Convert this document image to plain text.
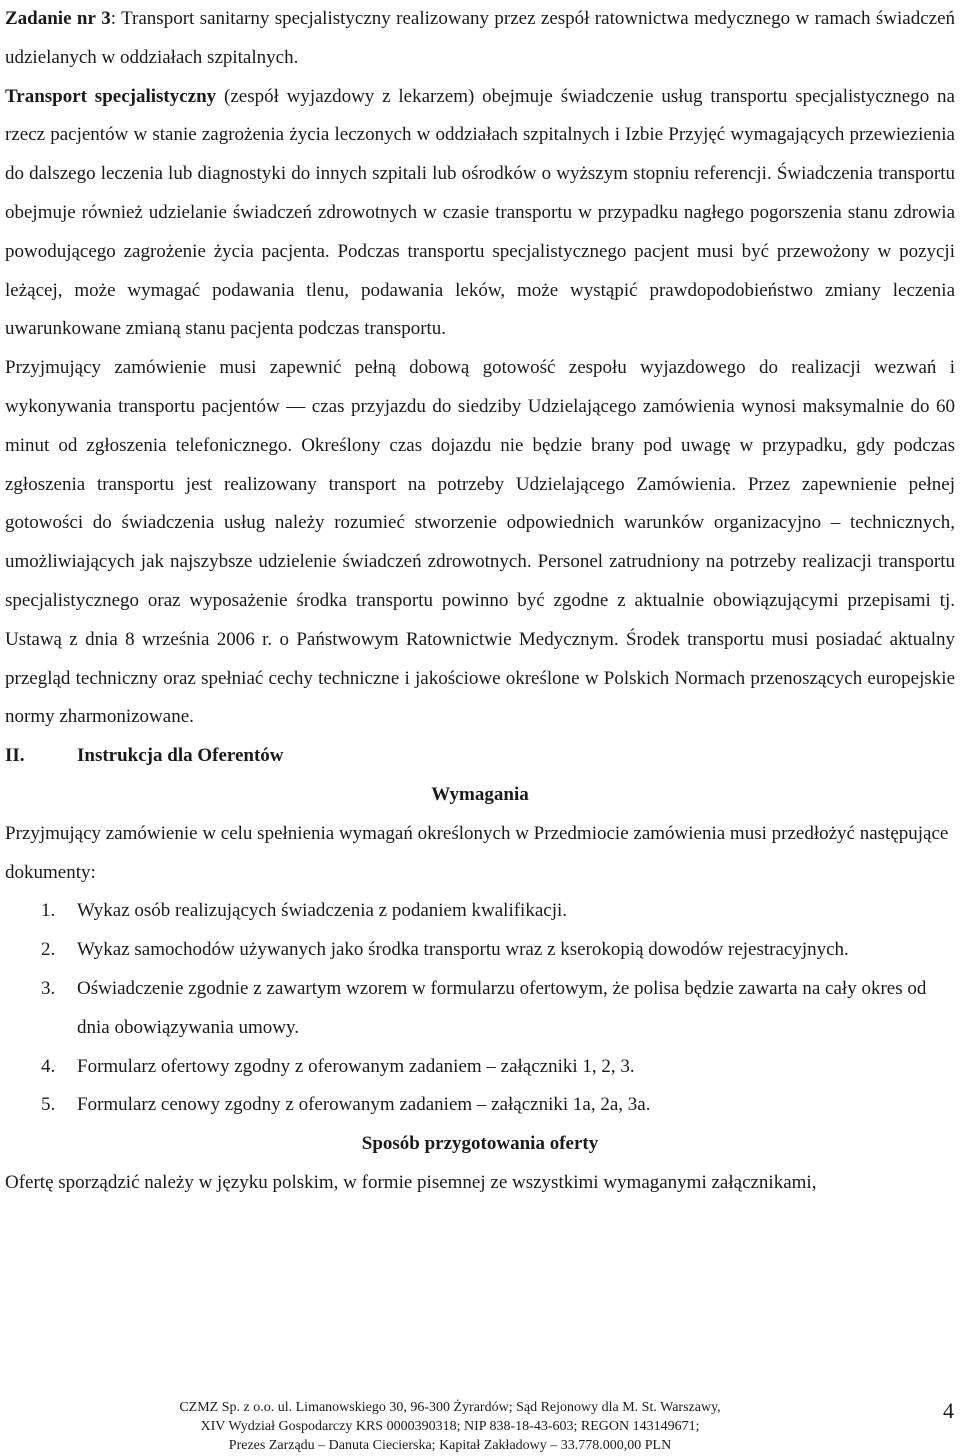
Zadanie nr 3: Transport sanitarny specjalistyczny realizowany przez zespół ratownictwa medycznego w ramach świadczeń udzielanych w oddziałach szpitalnych.

Transport specjalistyczny (zespół wyjazdowy z lekarzem) obejmuje świadczenie usług transportu specjalistycznego na rzecz pacjentów w stanie zagrożenia życia leczonych w oddziałach szpitalnych i Izbie Przyjęć wymagających przewiezienia do dalszego leczenia lub diagnostyki do innych szpitali lub ośrodków o wyższym stopniu referencji. Świadczenia transportu obejmuje również udzielanie świadczeń zdrowotnych w czasie transportu w przypadku nagłego pogorszenia stanu zdrowia powodującego zagrożenie życia pacjenta. Podczas transportu specjalistycznego pacjent musi być przewożony w pozycji leżącej, może wymagać podawania tlenu, podawania leków, może wystąpić prawdopodobieństwo zmiany leczenia uwarunkowane zmianą stanu pacjenta podczas transportu.

Przyjmujący zamówienie musi zapewnić pełną dobową gotowość zespołu wyjazdowego do realizacji wezwań i wykonywania transportu pacjentów — czas przyjazdu do siedziby Udzielającego zamówienia wynosi maksymalnie do 60 minut od zgłoszenia telefonicznego. Określony czas dojazdu nie będzie brany pod uwagę w przypadku, gdy podczas zgłoszenia transportu jest realizowany transport na potrzeby Udzielającego Zamówienia. Przez zapewnienie pełnej gotowości do świadczenia usług należy rozumieć stworzenie odpowiednich warunków organizacyjno – technicznych, umożliwiających jak najszybsze udzielenie świadczeń zdrowotnych. Personel zatrudniony na potrzeby realizacji transportu specjalistycznego oraz wyposażenie środka transportu powinno być zgodne z aktualnie obowiązującymi przepisami tj. Ustawą z dnia 8 września 2006 r. o Państwowym Ratownictwie Medycznym. Środek transportu musi posiadać aktualny przegląd techniczny oraz spełniać cechy techniczne i jakościowe określone w Polskich Normach przenoszących europejskie normy zharmonizowane.

II.	Instrukcja dla Oferentów
Wymagania

Przyjmujący zamówienie w celu spełnienia wymagań określonych w Przedmiocie zamówienia musi przedłożyć następujące dokumenty:

1.	Wykaz osób realizujących świadczenia z podaniem kwalifikacji.
2.	Wykaz samochodów używanych jako środka transportu wraz z kserokopią dowodów rejestracyjnych.
3.	Oświadczenie zgodnie z zawartym wzorem w formularzu ofertowym, że polisa będzie zawarta na cały okres od dnia obowiązywania umowy.
4.	Formularz ofertowy zgodny z oferowanym zadaniem – załączniki 1, 2, 3.
5.	Formularz cenowy zgodny z oferowanym zadaniem – załączniki 1a, 2a, 3a.
Sposób przygotowania oferty

Ofertę sporządzić należy w języku polskim, w formie pisemnej ze wszystkimi wymaganymi załącznikami,

CZMZ Sp. z o.o. ul. Limanowskiego 30, 96-300 Żyrardów; Sąd Rejonowy dla M. St. Warszawy,
XIV Wydział Gospodarczy KRS 0000390318; NIP 838-18-43-603; REGON 143149671;
Prezes Zarządu – Danuta Ciecierska; Kapitał Zakładowy – 33.778.000,00 PLN
4
